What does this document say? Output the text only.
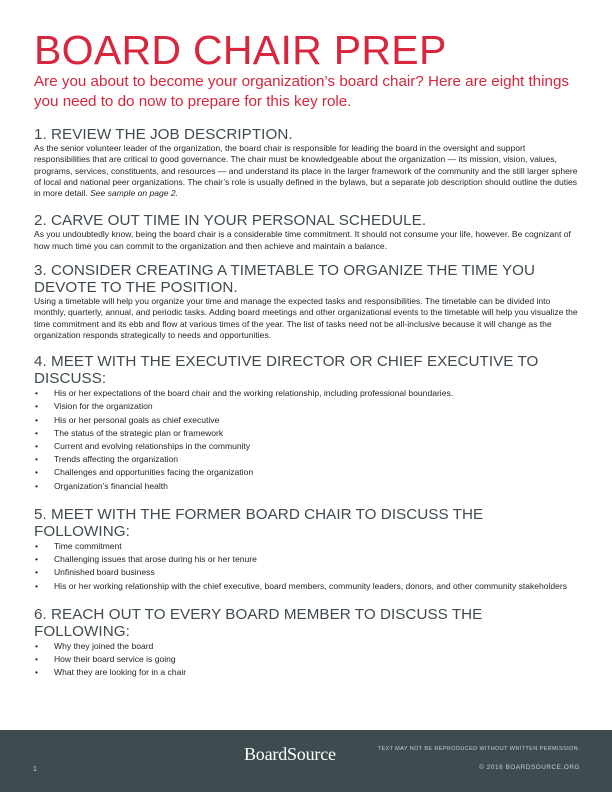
BOARD CHAIR PREP

Are you about to become your organization’s board chair? Here are eight things you need to do now to prepare for this key role.

1. REVIEW THE JOB DESCRIPTION.

As the senior volunteer leader of the organization, the board chair is responsible for leading the board in the oversight and support responsibilities that are critical to good governance. The chair must be knowledgeable about the organization — its mission, vision, values, programs, services, constituents, and resources — and understand its place in the larger framework of the community and the still larger sphere of local and national peer organizations. The chair’s role is usually defined in the bylaws, but a separate job description should outline the duties in more detail. See sample on page 2.

2. CARVE OUT TIME IN YOUR PERSONAL SCHEDULE.

As you undoubtedly know, being the board chair is a considerable time commitment. It should not consume your life, however. Be cognizant of how much time you can commit to the organization and then achieve and maintain a balance.

3. CONSIDER CREATING A TIMETABLE TO ORGANIZE THE TIME YOU DEVOTE TO THE POSITION.

Using a timetable will help you organize your time and manage the expected tasks and responsibilities. The timetable can be divided into monthly, quarterly, annual, and periodic tasks. Adding board meetings and other organizational events to the timetable will help you visualize the time commitment and its ebb and flow at various times of the year. The list of tasks need not be all-inclusive because it will change as the organization responds strategically to needs and opportunities.

4. MEET WITH THE EXECUTIVE DIRECTOR OR CHIEF EXECUTIVE TO DISCUSS:
• His or her expectations of the board chair and the working relationship, including professional boundaries.
• Vision for the organization
• His or her personal goals as chief executive
• The status of the strategic plan or framework
• Current and evolving relationships in the community
• Trends affecting the organization
• Challenges and opportunities facing the organization
• Organization’s financial health
5. MEET WITH THE FORMER BOARD CHAIR TO DISCUSS THE FOLLOWING:
• Time commitment
• Challenging issues that arose during his or her tenure
• Unfinished board business
• His or her working relationship with the chief executive, board members, community leaders, donors, and other community stakeholders
6. REACH OUT TO EVERY BOARD MEMBER TO DISCUSS THE FOLLOWING:
• Why they joined the board
• How their board service is going
• What they are looking for in a chair
1
BoardSource	TEXT MAY NOT BE REPRODUCED WITHOUT WRITTEN PERMISSION.
© 2016 BOARDSOURCE.ORG
